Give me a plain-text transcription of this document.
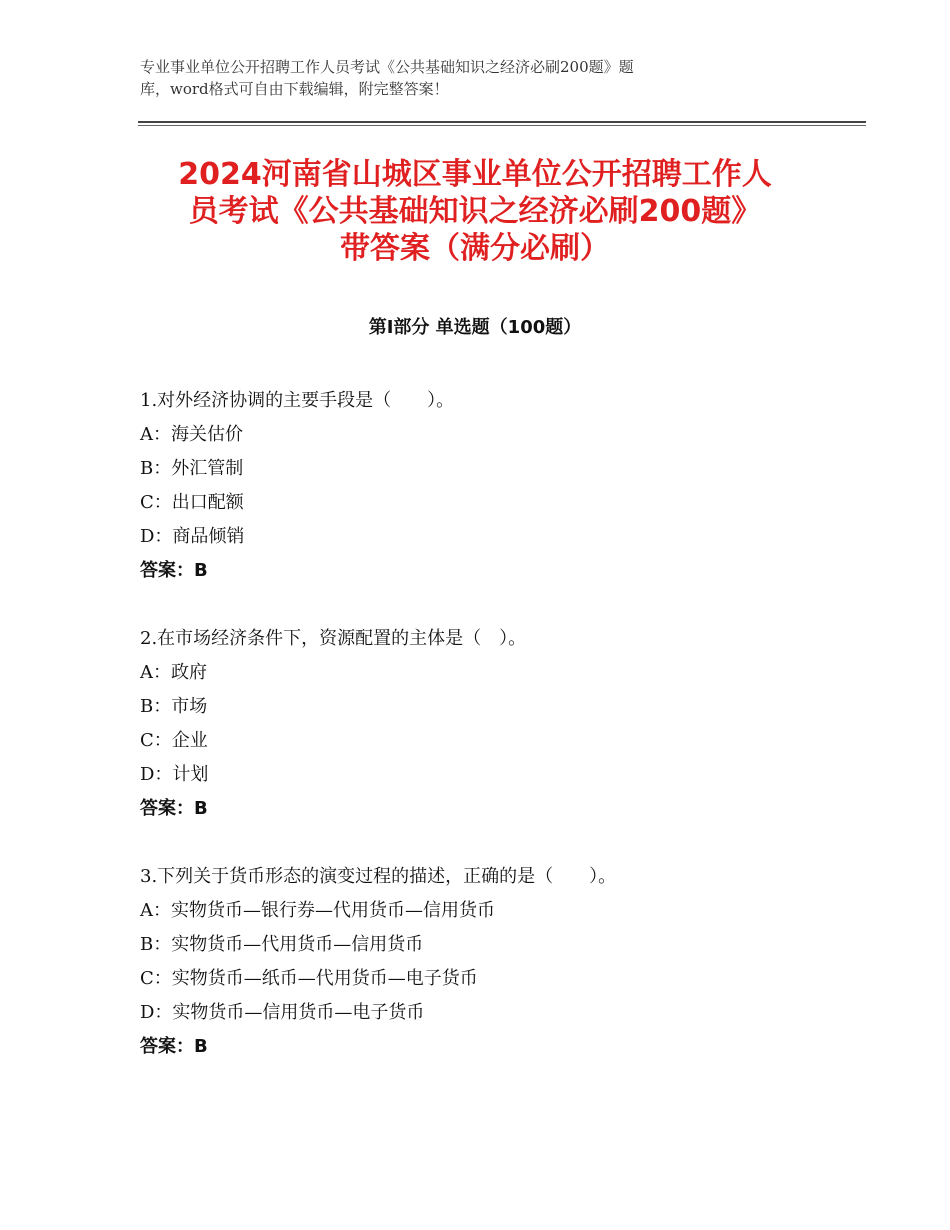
专业事业单位公开招聘工作人员考试《公共基础知识之经济必刷200题》题
库，word格式可自由下载编辑，附完整答案！
2024河南省山城区事业单位公开招聘工作人
员考试《公共基础知识之经济必刷200题》
带答案（满分必刷）
第Ⅰ部分 单选题（100题）
1.对外经济协调的主要手段是（　　）。
A：海关估价
B：外汇管制
C：出口配额
D：商品倾销
答案：B
2.在市场经济条件下，资源配置的主体是（　）。
A：政府
B：市场
C：企业
D：计划
答案：B
3.下列关于货币形态的演变过程的描述，正确的是（　　）。
A：实物货币—银行券—代用货币—信用货币
B：实物货币—代用货币—信用货币
C：实物货币—纸币—代用货币—电子货币
D：实物货币—信用货币—电子货币
答案：B
